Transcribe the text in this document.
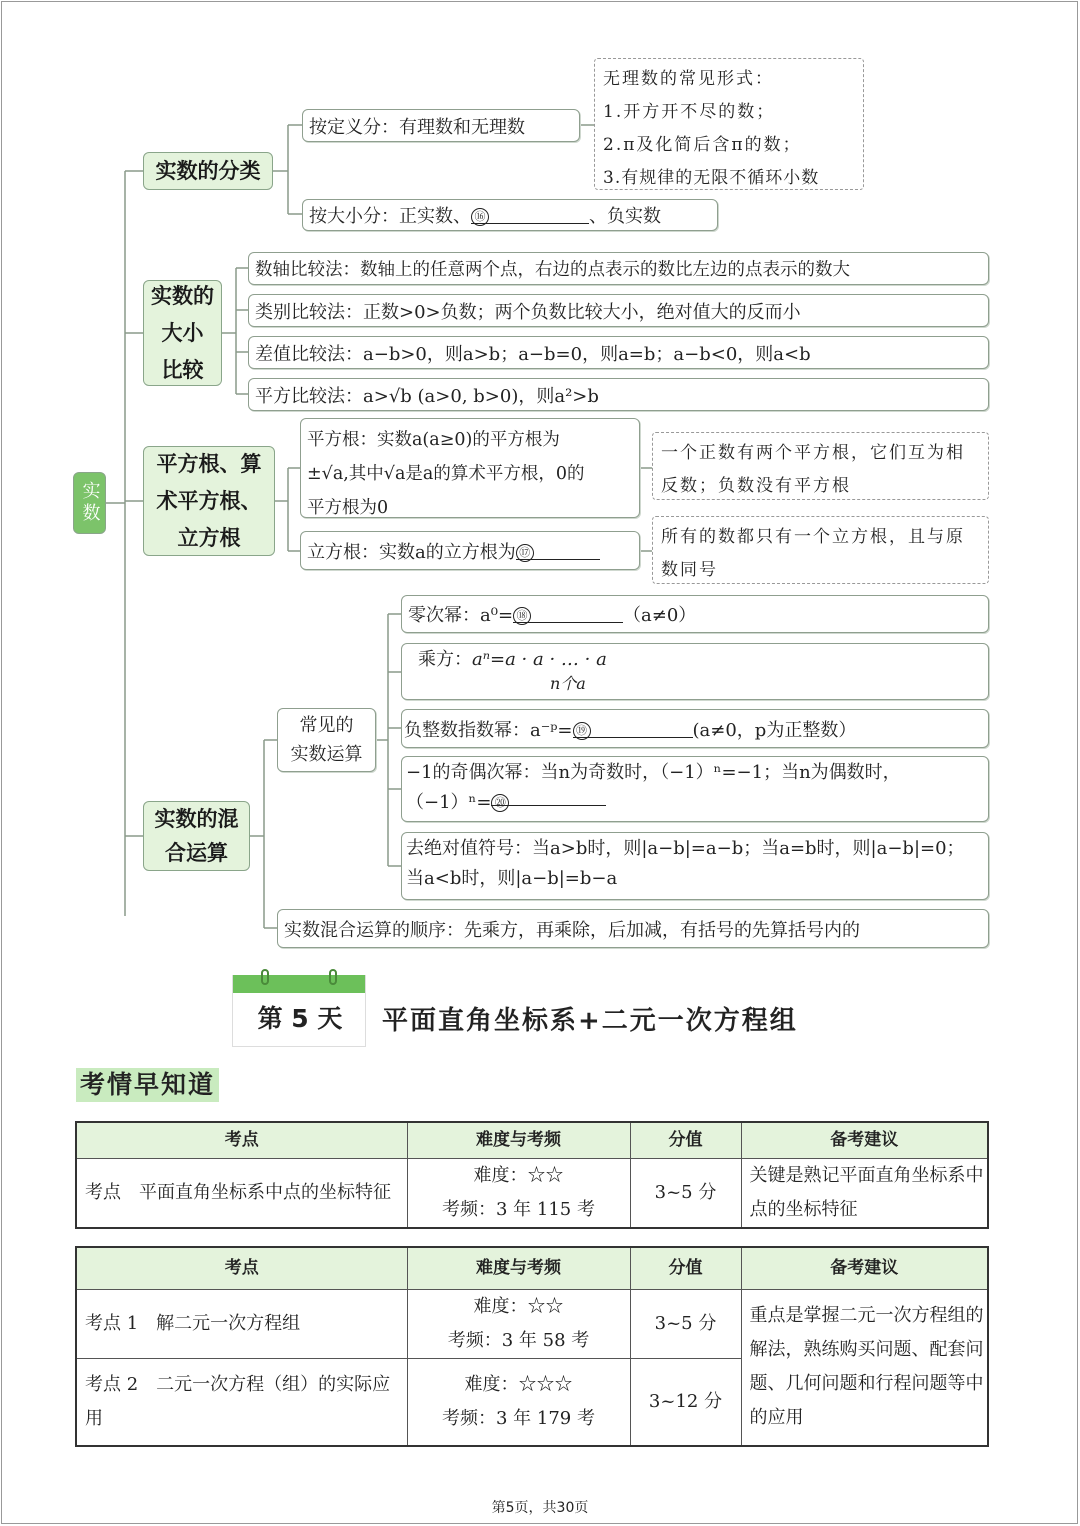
实数
实数的分类
按定义分：有理数和无理数
按大小分：正实数、 ⑯	、负实数
无理数的常见形式：
1.开方开不尽的数；
2.π及化简后含π的数；
3.有规律的无限不循环小数
实数的
大小
比较
数轴比较法：数轴上的任意两个点，右边的点表示的数比左边的点表示的数大
类别比较法：正数>0>负数；两个负数比较大小，绝对值大的反而小
差值比较法：a−b>0，则a>b；a−b=0，则a=b；a−b<0，则a<b
平方比较法：a>√b (a>0, b>0)，则a²>b
平方根、算
术平方根、
立方根
平方根：实数a(a≥0)的平方根为
±√a,其中√a是a的算术平方根，0的
平方根为0
立方根：实数a的立方根为 ⑰
一个正数有两个平方根，它们互为相反数；负数没有平方根
所有的数都只有一个立方根，且与原数同号
实数的混
合运算
常见的
实数运算
零次幂：a⁰= ⑱	（a≠0）
乘方：aⁿ=a · a · … · a
n个a
负整数指数幂：a⁻ᵖ= ⑲	(a≠0，p为正整数）
−1的奇偶次幂：当n为奇数时，（−1）ⁿ=−1；当n为偶数时，
（−1）ⁿ= ⑳
去绝对值符号：当a>b时，则|a−b|=a−b；当a=b时，则|a−b|=0；
当a<b时，则|a−b|=b−a
实数混合运算的顺序：先乘方，再乘除，后加减，有括号的先算括号内的
第 5 天	平面直角坐标系+二元一次方程组
考情早知道
考点	难度与考频	分值	备考建议
考点　平面直角坐标系中点的坐标特征	难度：☆☆
考频：3 年 115 考	3~5 分	关键是熟记平面直角坐标系中点的坐标特征
考点	难度与考频	分值	备考建议
考点 1　解二元一次方程组	难度：☆☆
考频：3 年 58 考	3~5 分	重点是掌握二元一次方程组的解法，熟练购买问题、配套问题、几何问题和行程问题等中的应用
考点 2　二元一次方程（组）的实际应用	难度：☆☆☆
考频：3 年 179 考	3~12 分	
第5页，共30页
